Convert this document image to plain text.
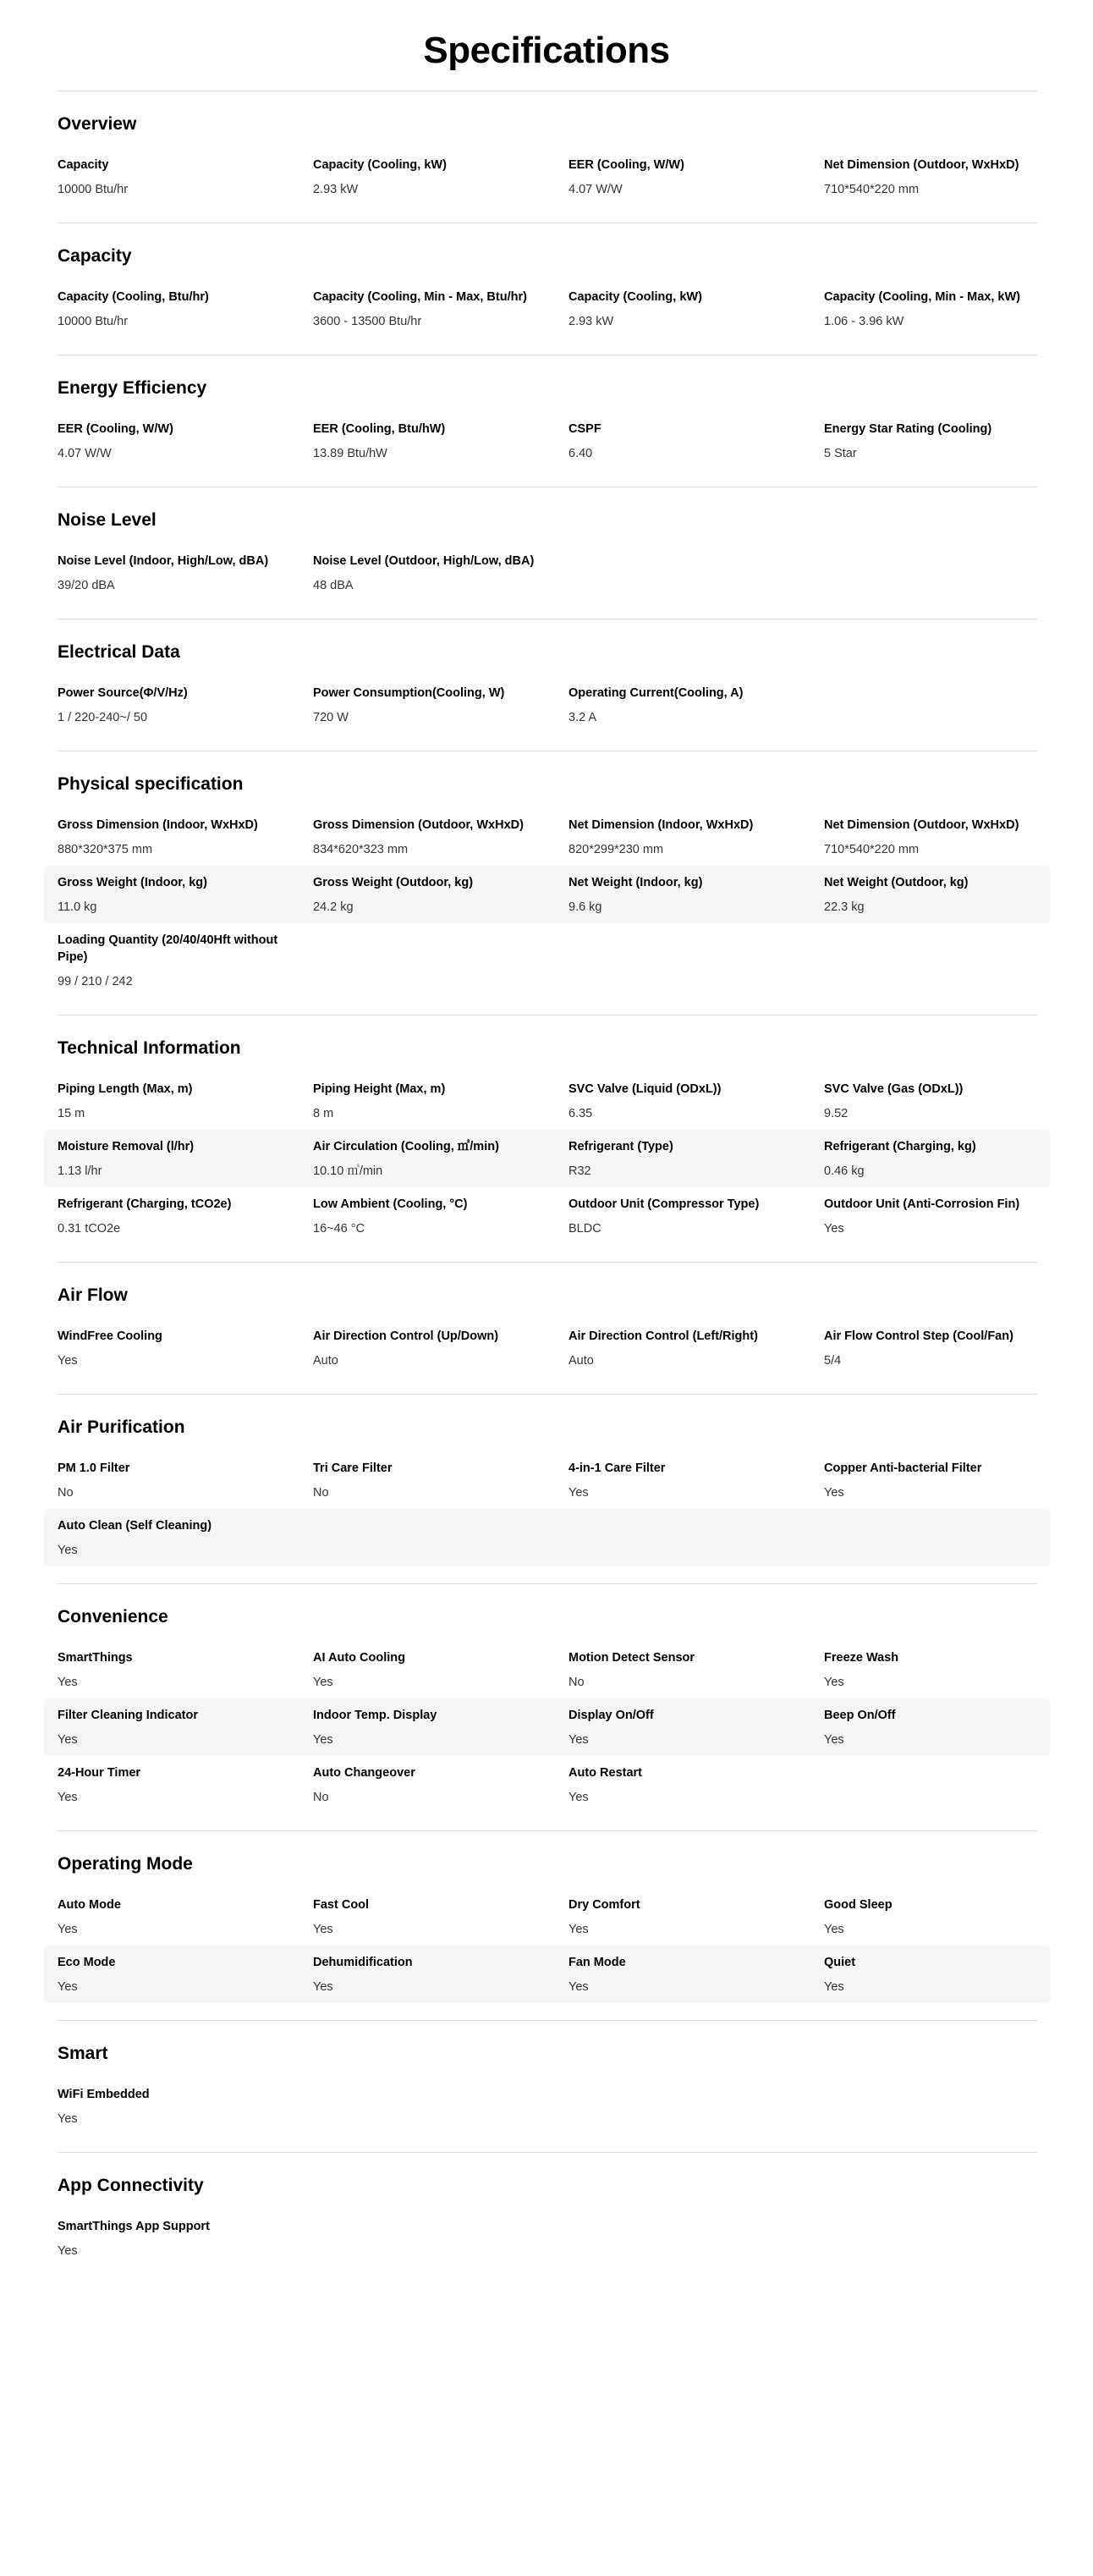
Specifications
Overview
Capacity
10000 Btu/hr
Capacity (Cooling, kW)
2.93 kW
EER (Cooling, W/W)
4.07 W/W
Net Dimension (Outdoor, WxHxD)
710*540*220 mm
Capacity
Capacity (Cooling, Btu/hr)
10000 Btu/hr
Capacity (Cooling, Min - Max, Btu/hr)
3600 - 13500 Btu/hr
Capacity (Cooling, kW)
2.93 kW
Capacity (Cooling, Min - Max, kW)
1.06 - 3.96 kW
Energy Efficiency
EER (Cooling, W/W)
4.07 W/W
EER (Cooling, Btu/hW)
13.89 Btu/hW
CSPF
6.40
Energy Star Rating (Cooling)
5 Star
Noise Level
Noise Level (Indoor, High/Low, dBA)
39/20 dBA
Noise Level (Outdoor, High/Low, dBA)
48 dBA
Electrical Data
Power Source(Φ/V/Hz)
1 / 220-240~/ 50
Power Consumption(Cooling, W)
720 W
Operating Current(Cooling, A)
3.2 A
Physical specification
Gross Dimension (Indoor, WxHxD)
880*320*375 mm
Gross Dimension (Outdoor, WxHxD)
834*620*323 mm
Net Dimension (Indoor, WxHxD)
820*299*230 mm
Net Dimension (Outdoor, WxHxD)
710*540*220 mm
Gross Weight (Indoor, kg)
11.0 kg
Gross Weight (Outdoor, kg)
24.2 kg
Net Weight (Indoor, kg)
9.6 kg
Net Weight (Outdoor, kg)
22.3 kg
Loading Quantity (20/40/40Hft without Pipe)
99 / 210 / 242
Technical Information
Piping Length (Max, m)
15 m
Piping Height (Max, m)
8 m
SVC Valve (Liquid (ODxL))
6.35
SVC Valve (Gas (ODxL))
9.52
Moisture Removal (l/hr)
1.13 l/hr
Air Circulation (Cooling, ㎥/min)
10.10 ㎥/min
Refrigerant (Type)
R32
Refrigerant (Charging, kg)
0.46 kg
Refrigerant (Charging, tCO2e)
0.31 tCO2e
Low Ambient (Cooling, °C)
16~46 °C
Outdoor Unit (Compressor Type)
BLDC
Outdoor Unit (Anti-Corrosion Fin)
Yes
Air Flow
WindFree Cooling
Yes
Air Direction Control (Up/Down)
Auto
Air Direction Control (Left/Right)
Auto
Air Flow Control Step (Cool/Fan)
5/4
Air Purification
PM 1.0 Filter
No
Tri Care Filter
No
4-in-1 Care Filter
Yes
Copper Anti-bacterial Filter
Yes
Auto Clean (Self Cleaning)
Yes
Convenience
SmartThings
Yes
AI Auto Cooling
Yes
Motion Detect Sensor
No
Freeze Wash
Yes
Filter Cleaning Indicator
Yes
Indoor Temp. Display
Yes
Display On/Off
Yes
Beep On/Off
Yes
24-Hour Timer
Yes
Auto Changeover
No
Auto Restart
Yes
Operating Mode
Auto Mode
Yes
Fast Cool
Yes
Dry Comfort
Yes
Good Sleep
Yes
Eco Mode
Yes
Dehumidification
Yes
Fan Mode
Yes
Quiet
Yes
Smart
WiFi Embedded
Yes
App Connectivity
SmartThings App Support
Yes
